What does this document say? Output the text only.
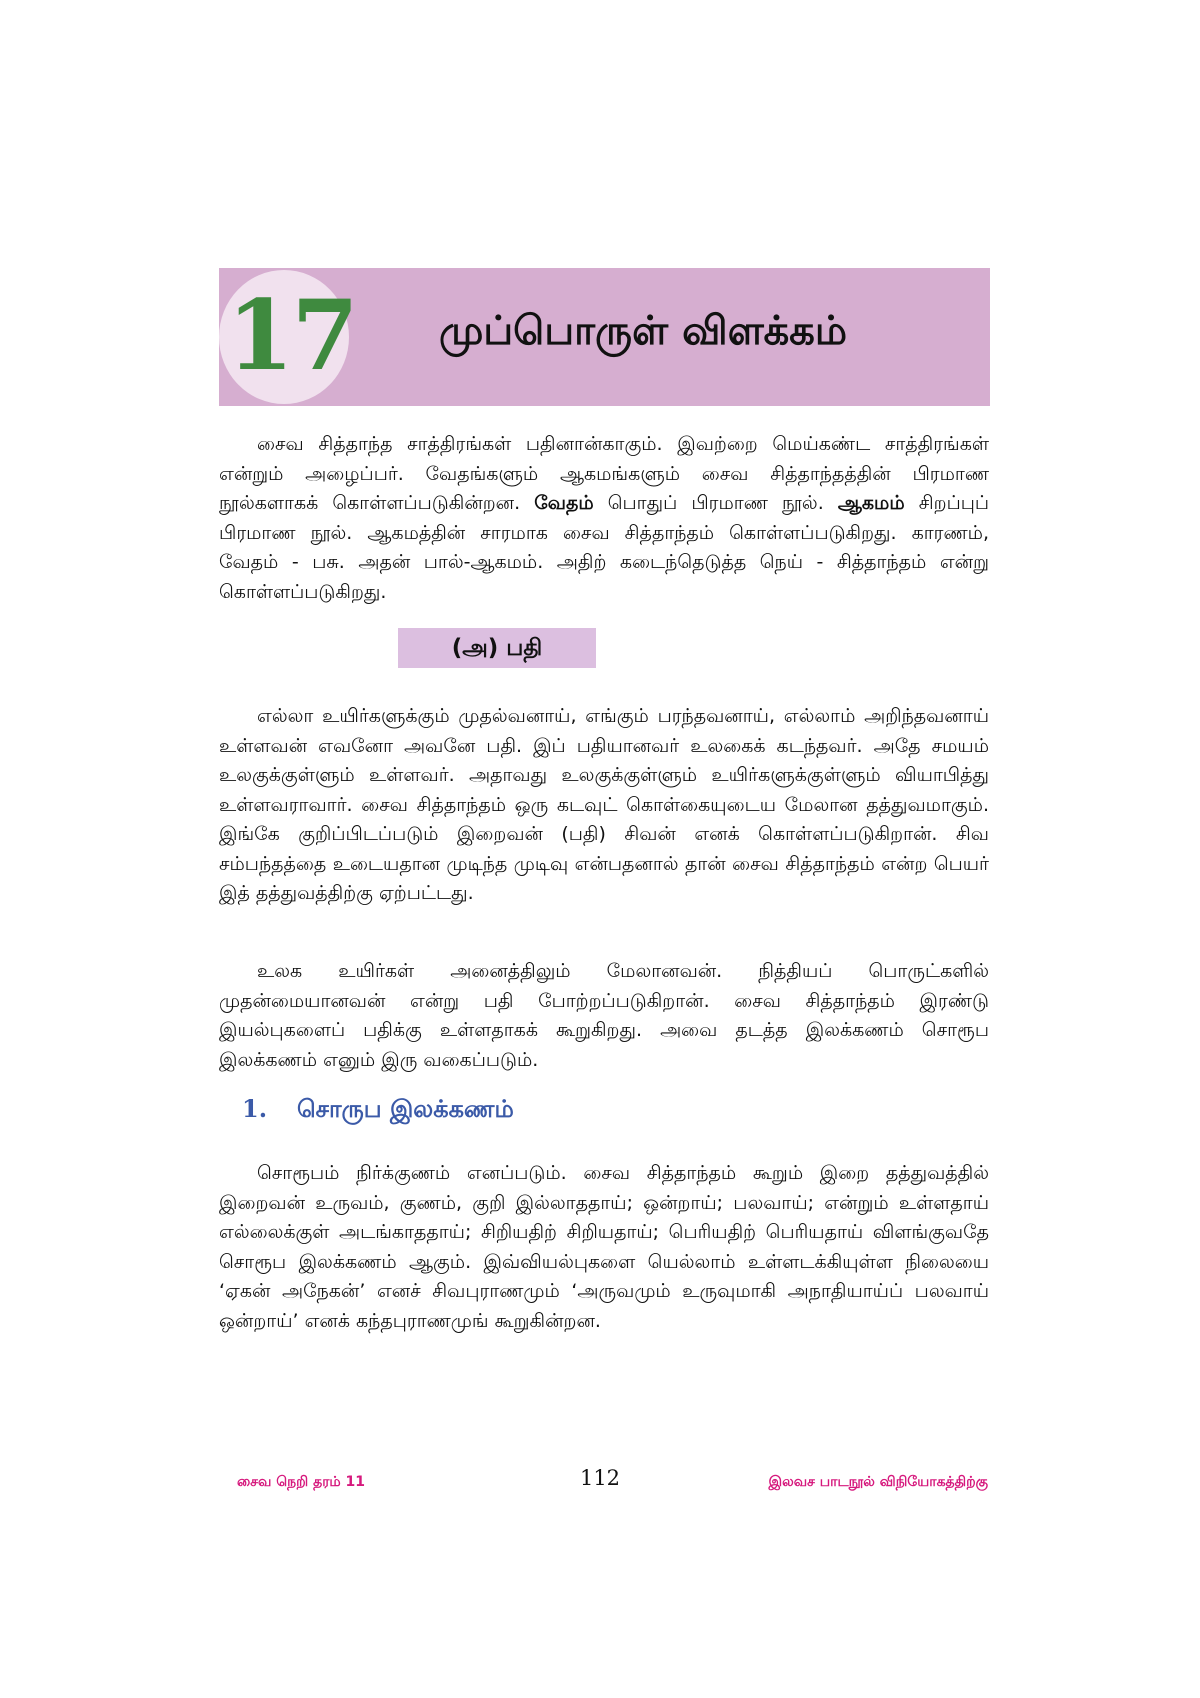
17 முப்பொருள் விளக்கம்

சைவ சித்தாந்த சாத்திரங்கள் பதினான்காகும். இவற்றை மெய்கண்ட சாத்திரங்கள் என்றும் அழைப்பர். வேதங்களும் ஆகமங்களும் சைவ சித்தாந்தத்தின் பிரமாண நூல்களாகக் கொள்ளப்படுகின்றன. வேதம் பொதுப் பிரமாண நூல். ஆகமம் சிறப்புப் பிரமாண நூல். ஆகமத்தின் சாரமாக சைவ சித்தாந்தம் கொள்ளப்படுகிறது. காரணம், வேதம் - பசு. அதன் பால்-ஆகமம். அதிற் கடைந்தெடுத்த நெய் - சித்தாந்தம் என்று கொள்ளப்படுகிறது.

(அ) பதி

எல்லா உயிர்களுக்கும் முதல்வனாய், எங்கும் பரந்தவனாய், எல்லாம் அறிந்தவனாய் உள்ளவன் எவனோ அவனே பதி. இப் பதியானவர் உலகைக் கடந்தவர். அதே சமயம் உலகுக்குள்ளும் உள்ளவர். அதாவது உலகுக்குள்ளும் உயிர்களுக்குள்ளும் வியாபித்து உள்ளவராவார். சைவ சித்தாந்தம் ஒரு கடவுட் கொள்கையுடைய மேலான தத்துவமாகும். இங்கே குறிப்பிடப்படும் இறைவன் (பதி) சிவன் எனக் கொள்ளப்படுகிறான். சிவ சம்பந்தத்தை உடையதான முடிந்த முடிவு என்பதனால் தான் சைவ சித்தாந்தம் என்ற பெயர் இத் தத்துவத்திற்கு ஏற்பட்டது.

உலக உயிர்கள் அனைத்திலும் மேலானவன். நித்தியப் பொருட்களில் முதன்மையானவன் என்று பதி போற்றப்படுகிறான். சைவ சித்தாந்தம் இரண்டு இயல்புகளைப் பதிக்கு உள்ளதாகக் கூறுகிறது. அவை தடத்த இலக்கணம் சொரூப இலக்கணம் எனும் இரு வகைப்படும்.

1. சொருப இலக்கணம்

சொரூபம் நிர்க்குணம் எனப்படும். சைவ சித்தாந்தம் கூறும் இறை தத்துவத்தில் இறைவன் உருவம், குணம், குறி இல்லாததாய்; ஒன்றாய்; பலவாய்; என்றும் உள்ளதாய் எல்லைக்குள் அடங்காததாய்; சிறியதிற் சிறியதாய்; பெரியதிற் பெரியதாய் விளங்குவதே சொரூப இலக்கணம் ஆகும். இவ்வியல்புகளை யெல்லாம் உள்ளடக்கியுள்ள நிலையை ‘ஏகன் அநேகன்’ எனச் சிவபுராணமும் ‘அருவமும் உருவுமாகி அநாதியாய்ப் பலவாய் ஒன்றாய்’ எனக் கந்தபுராணமுங் கூறுகின்றன.

சைவ நெறி தரம் 11	112	இலவச பாடநூல் விநியோகத்திற்கு
